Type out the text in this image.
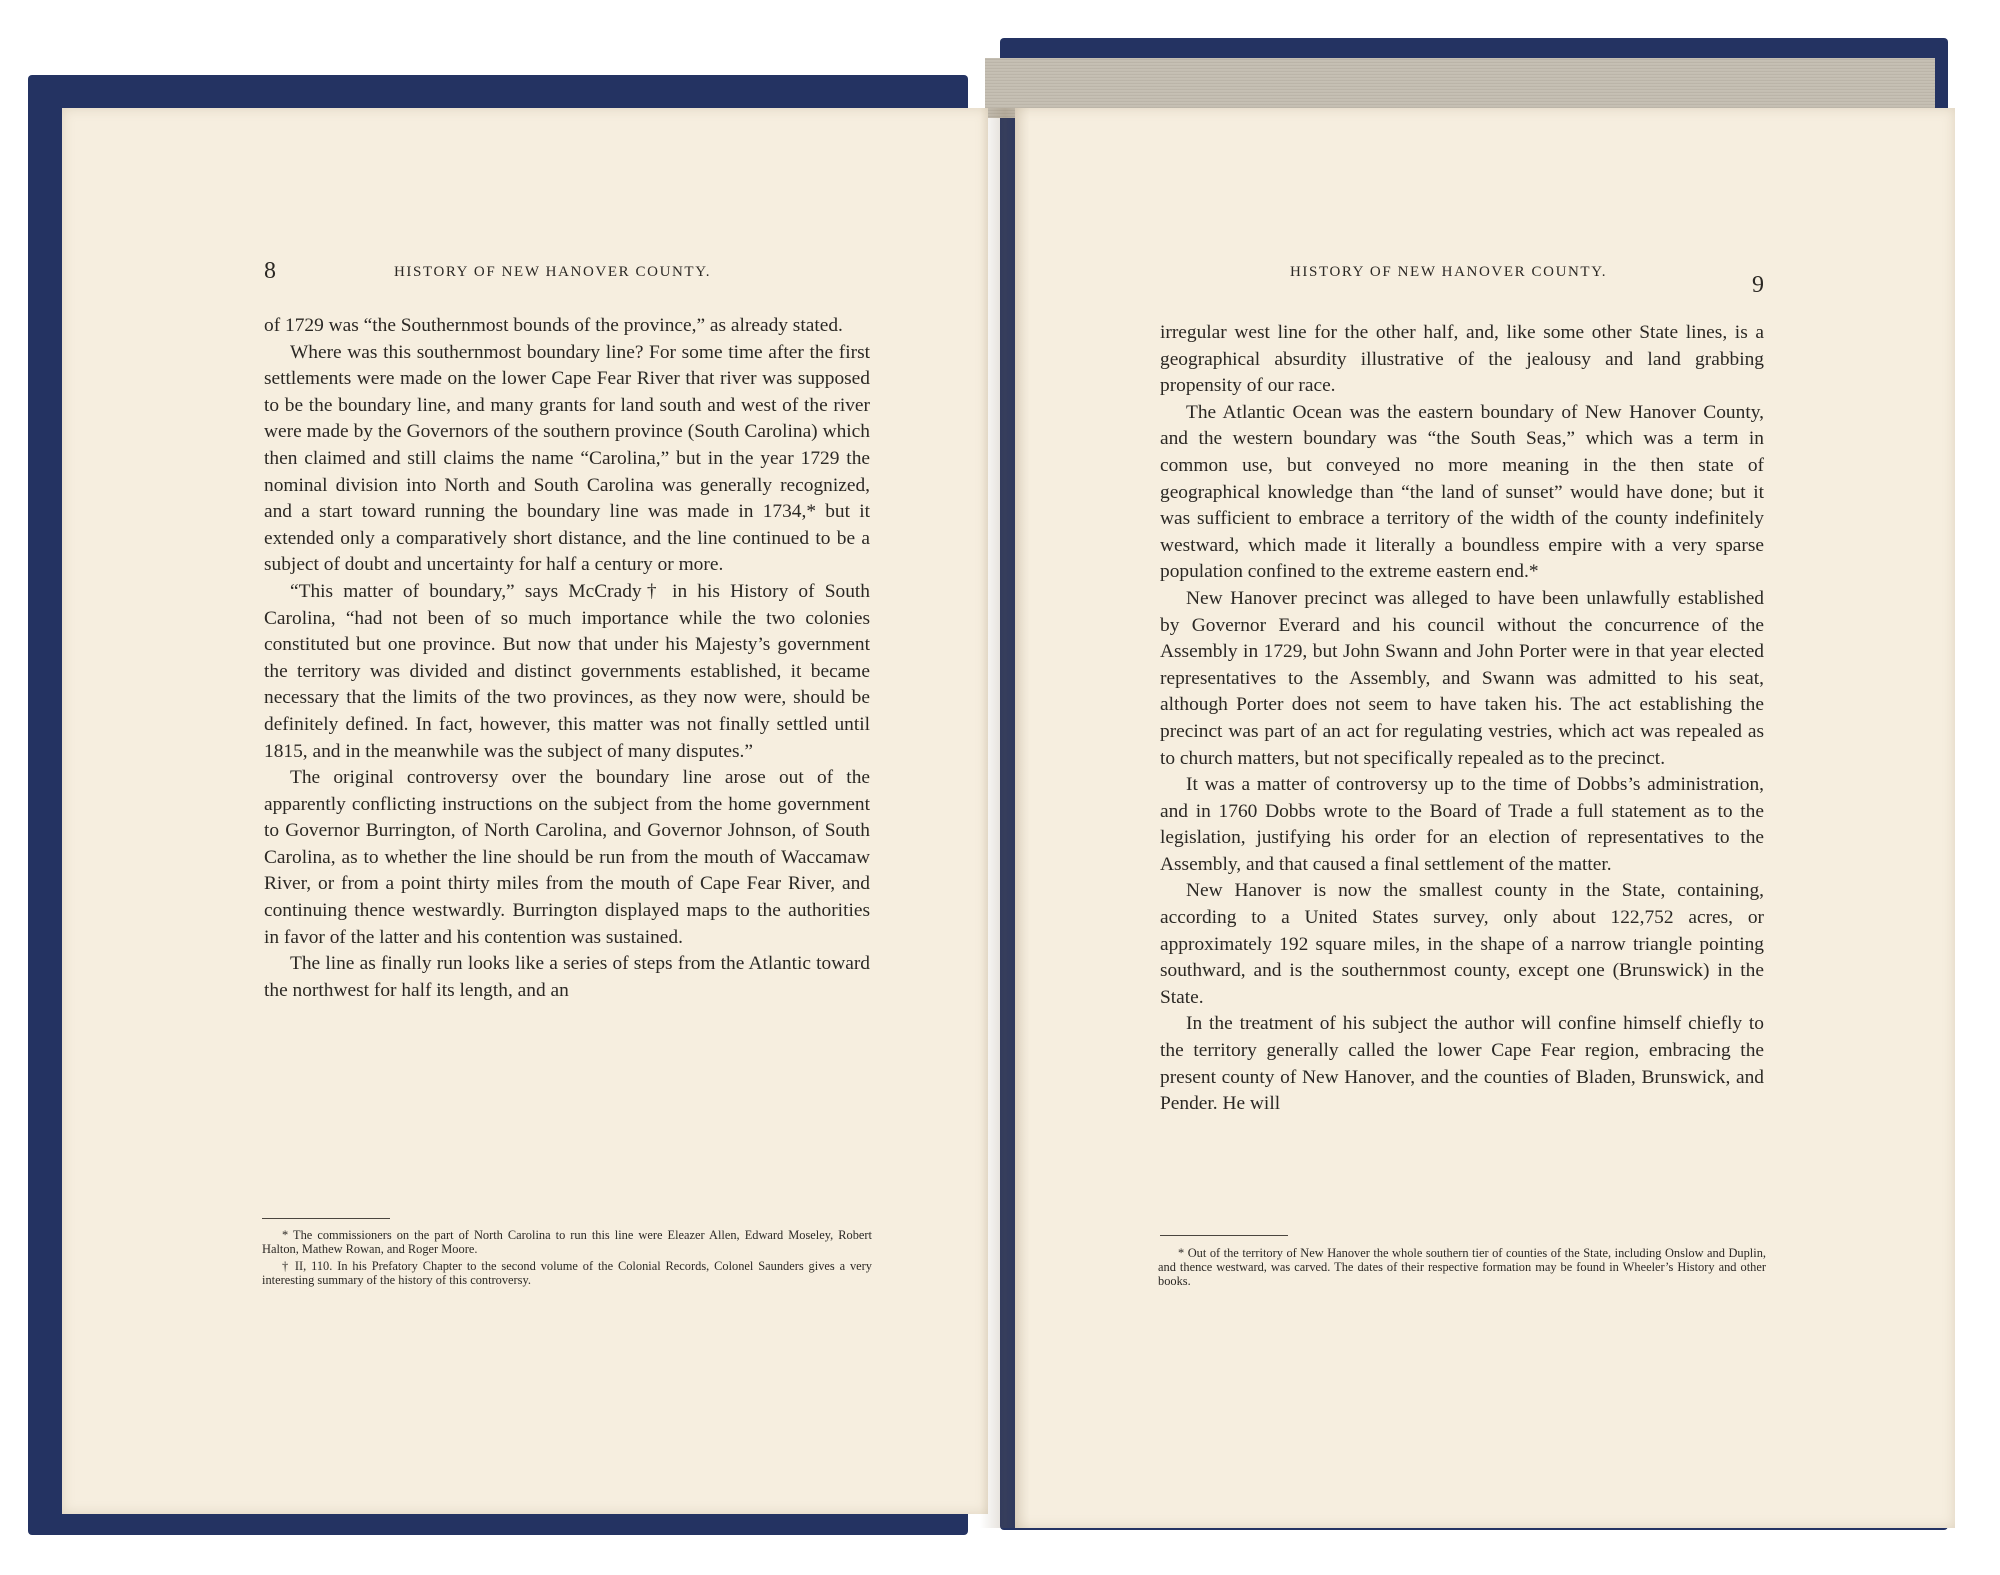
8	HISTORY OF NEW HANOVER COUNTY.

of 1729 was “the Southernmost bounds of the province,” as already stated.

Where was this southernmost boundary line? For some time after the first settlements were made on the lower Cape Fear River that river was supposed to be the boundary line, and many grants for land south and west of the river were made by the Governors of the southern province (South Carolina) which then claimed and still claims the name “Carolina,” but in the year 1729 the nominal division into North and South Carolina was generally recognized, and a start toward running the boundary line was made in 1734,* but it extended only a comparatively short distance, and the line continued to be a subject of doubt and uncertainty for half a century or more.

“This matter of boundary,” says McCrady† in his History of South Carolina, “had not been of so much importance while the two colonies constituted but one province. But now that under his Majesty’s government the territory was divided and distinct governments established, it became necessary that the limits of the two provinces, as they now were, should be definitely defined. In fact, however, this matter was not finally settled until 1815, and in the meanwhile was the subject of many disputes.”

The original controversy over the boundary line arose out of the apparently conflicting instructions on the subject from the home government to Governor Burrington, of North Carolina, and Governor Johnson, of South Carolina, as to whether the line should be run from the mouth of Waccamaw River, or from a point thirty miles from the mouth of Cape Fear River, and continuing thence westwardly. Burrington displayed maps to the authorities in favor of the latter and his contention was sustained.

The line as finally run looks like a series of steps from the Atlantic toward the northwest for half its length, and an

* The commissioners on the part of North Carolina to run this line were Eleazer Allen, Edward Moseley, Robert Halton, Mathew Rowan, and Roger Moore.

† II, 110. In his Prefatory Chapter to the second volume of the Colonial Records, Colonel Saunders gives a very interesting summary of the history of this controversy.

HISTORY OF NEW HANOVER COUNTY.	9

irregular west line for the other half, and, like some other State lines, is a geographical absurdity illustrative of the jealousy and land grabbing propensity of our race.

The Atlantic Ocean was the eastern boundary of New Hanover County, and the western boundary was “the South Seas,” which was a term in common use, but conveyed no more meaning in the then state of geographical knowledge than “the land of sunset” would have done; but it was sufficient to embrace a territory of the width of the county indefinitely westward, which made it literally a boundless empire with a very sparse population confined to the extreme eastern end.*

New Hanover precinct was alleged to have been unlawfully established by Governor Everard and his council without the concurrence of the Assembly in 1729, but John Swann and John Porter were in that year elected representatives to the Assembly, and Swann was admitted to his seat, although Porter does not seem to have taken his. The act establishing the precinct was part of an act for regulating vestries, which act was repealed as to church matters, but not specifically repealed as to the precinct.

It was a matter of controversy up to the time of Dobbs’s administration, and in 1760 Dobbs wrote to the Board of Trade a full statement as to the legislation, justifying his order for an election of representatives to the Assembly, and that caused a final settlement of the matter.

New Hanover is now the smallest county in the State, containing, according to a United States survey, only about 122,752 acres, or approximately 192 square miles, in the shape of a narrow triangle pointing southward, and is the southernmost county, except one (Brunswick) in the State.

In the treatment of his subject the author will confine himself chiefly to the territory generally called the lower Cape Fear region, embracing the present county of New Hanover, and the counties of Bladen, Brunswick, and Pender. He will

* Out of the territory of New Hanover the whole southern tier of counties of the State, including Onslow and Duplin, and thence westward, was carved. The dates of their respective formation may be found in Wheeler’s History and other books.
